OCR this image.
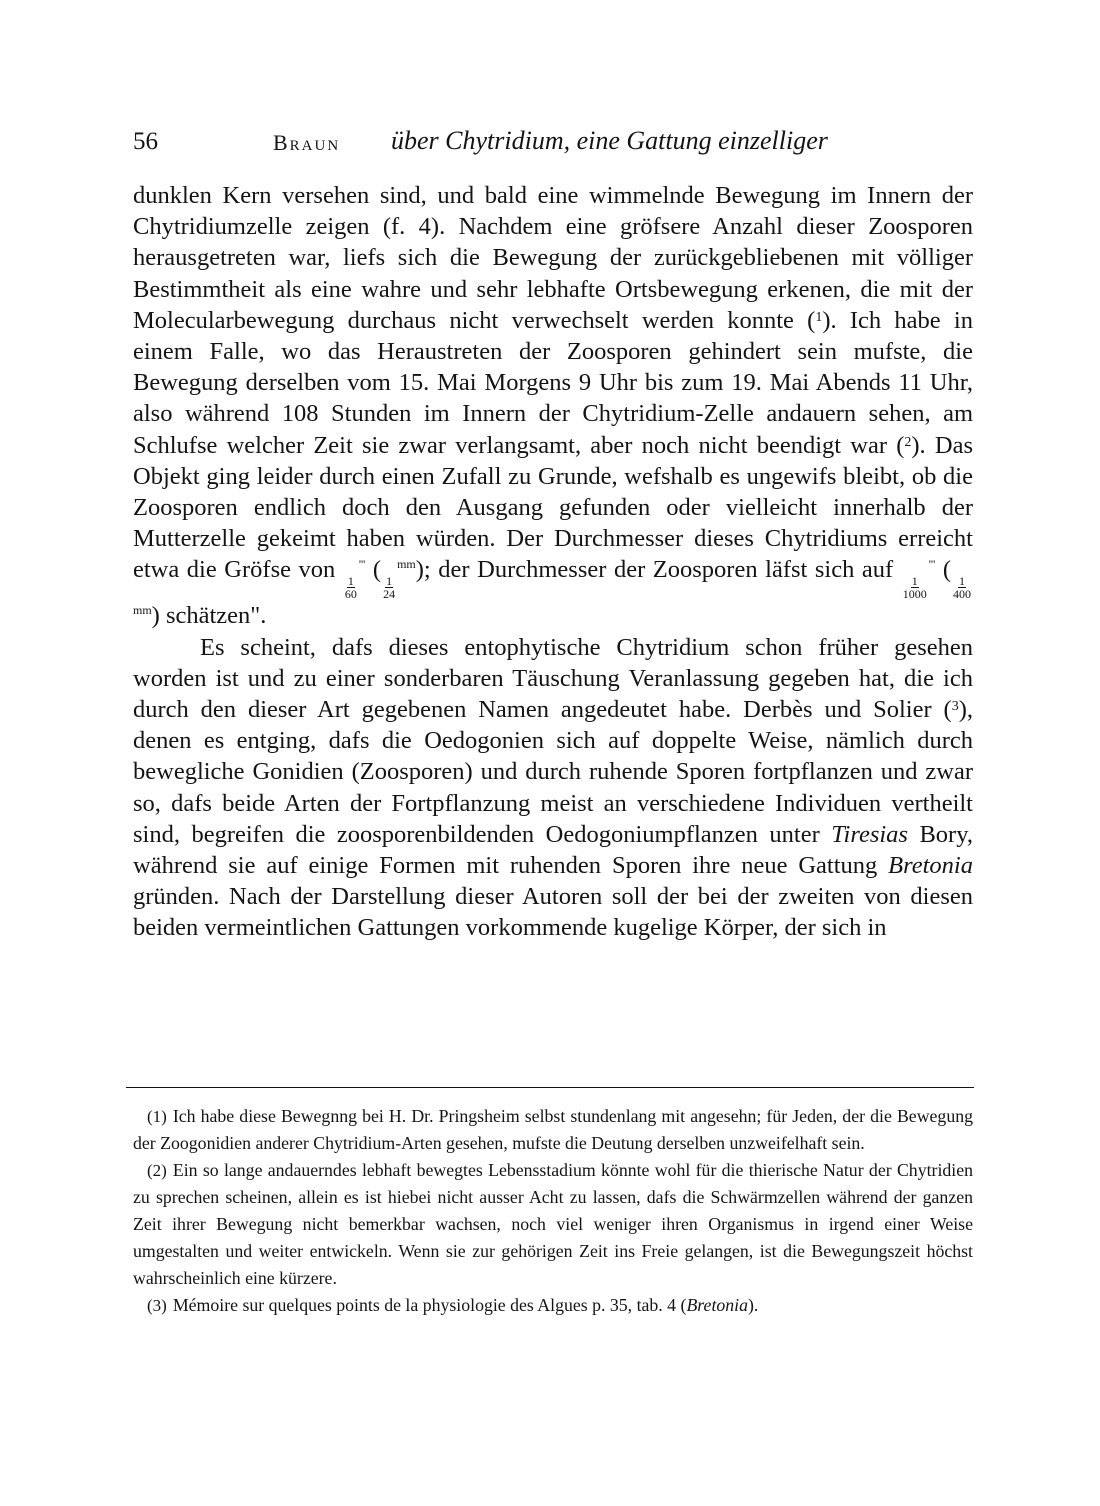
56	Braun über Chytridium, eine Gattung einzelliger

dunklen Kern versehen sind, und bald eine wimmelnde Bewegung im Innern der Chytridiumzelle zeigen (f. 4). Nachdem eine gröfsere Anzahl dieser Zoosporen herausgetreten war, liefs sich die Bewegung der zurückgebliebenen mit völliger Bestimmtheit als eine wahre und sehr lebhafte Ortsbewegung erkenen, die mit der Molecularbewegung durchaus nicht verwechselt werden konnte ($^1$). Ich habe in einem Falle, wo das Heraustreten der Zoosporen gehindert sein mufste, die Bewegung derselben vom 15. Mai Morgens 9 Uhr bis zum 19. Mai Abends 11 Uhr, also während 108 Stunden im Innern der Chytridium-Zelle andauern sehen, am Schlufse welcher Zeit sie zwar verlangsamt, aber noch nicht beendigt war ($^2$). Das Objekt ging leider durch einen Zufall zu Grunde, wefshalb es ungewifs bleibt, ob die Zoosporen endlich doch den Ausgang gefunden oder vielleicht innerhalb der Mutterzelle gekeimt haben würden. Der Durchmesser dieses Chytridiums erreicht etwa die Gröfse von
$\frac{1}{60}$
''' (
$\frac{1}{24}$
$^{mm}$); der Durchmesser der Zoosporen läfst sich auf
$\frac{1}{1000}$
''' (
$\frac{1}{400}$
$^{mm}$) schätzen".

Es scheint, dafs dieses entophytische Chytridium schon früher gesehen worden ist und zu einer sonderbaren Täuschung Veranlassung gegeben hat, die ich durch den dieser Art gegebenen Namen angedeutet habe. Derbès und Solier ($^3$), denen es entging, dafs die Oedogonien sich auf doppelte Weise, nämlich durch bewegliche Gonidien (Zoosporen) und durch ruhende Sporen fortpflanzen und zwar so, dafs beide Arten der Fortpflanzung meist an verschiedene Individuen vertheilt sind, begreifen die zoosporenbildenden Oedogoniumpflanzen unter Tiresias Bory, während sie auf einige Formen mit ruhenden Sporen ihre neue Gattung Bretonia gründen. Nach der Darstellung dieser Autoren soll der bei der zweiten von diesen beiden vermeintlichen Gattungen vorkommende kugelige Körper, der sich in

(1) Ich habe diese Bewegnng bei H. Dr. Pringsheim selbst stundenlang mit angesehn; für Jeden, der die Bewegung der Zoogonidien anderer Chytridium-Arten gesehen, mufste die Deutung derselben unzweifelhaft sein.

(2) Ein so lange andauerndes lebhaft bewegtes Lebensstadium könnte wohl für die thierische Natur der Chytridien zu sprechen scheinen, allein es ist hiebei nicht ausser Acht zu lassen, dafs die Schwärmzellen während der ganzen Zeit ihrer Bewegung nicht bemerkbar wachsen, noch viel weniger ihren Organismus in irgend einer Weise umgestalten und weiter entwickeln. Wenn sie zur gehörigen Zeit ins Freie gelangen, ist die Bewegungszeit höchst wahrscheinlich eine kürzere.

(3) Mémoire sur quelques points de la physiologie des Algues p. 35, tab. 4 (Bretonia).
